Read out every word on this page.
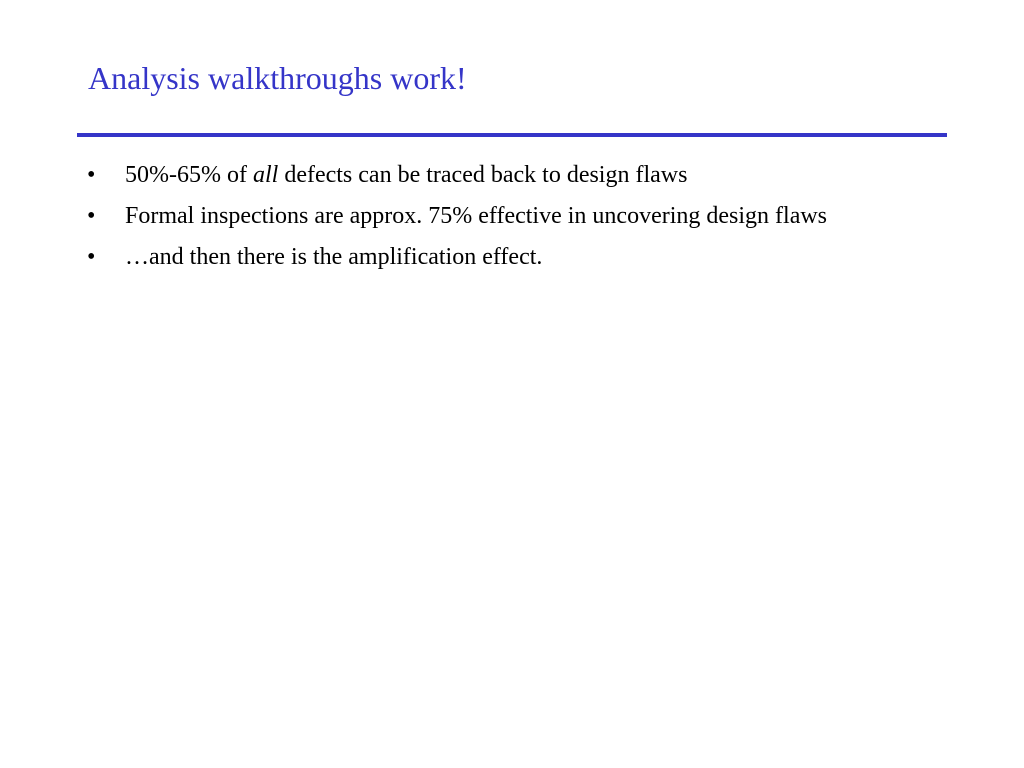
Analysis walkthroughs work!
• 50%-65% of all defects can be traced back to design flaws
• Formal inspections are approx. 75% effective in uncovering design flaws
• …and then there is the amplification effect.
